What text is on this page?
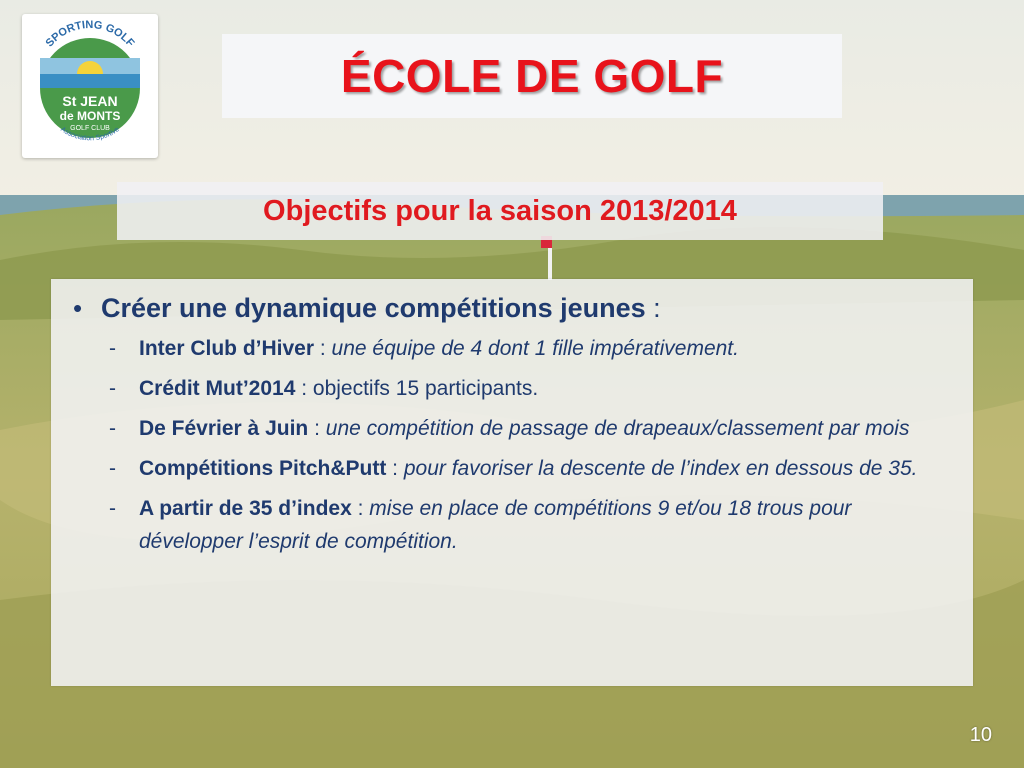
SPORTING GOLF
St JEAN
de MONTS
GOLF CLUB
Association Sportive
ÉCOLE DE GOLF
Objectifs pour la saison 2013/2014
• Créer une dynamique compétitions jeunes :
-	Inter Club d’Hiver : une équipe de 4 dont 1 fille impérativement.
-	Crédit Mut’2014 : objectifs 15 participants.
-	De Février à Juin : une compétition de passage de drapeaux/classement par mois
-	Compétitions Pitch&Putt : pour favoriser la descente de l’index en dessous de 35.
-	A partir de 35 d’index : mise en place de compétitions 9 et/ou 18 trous pour développer l’esprit de compétition.
10
